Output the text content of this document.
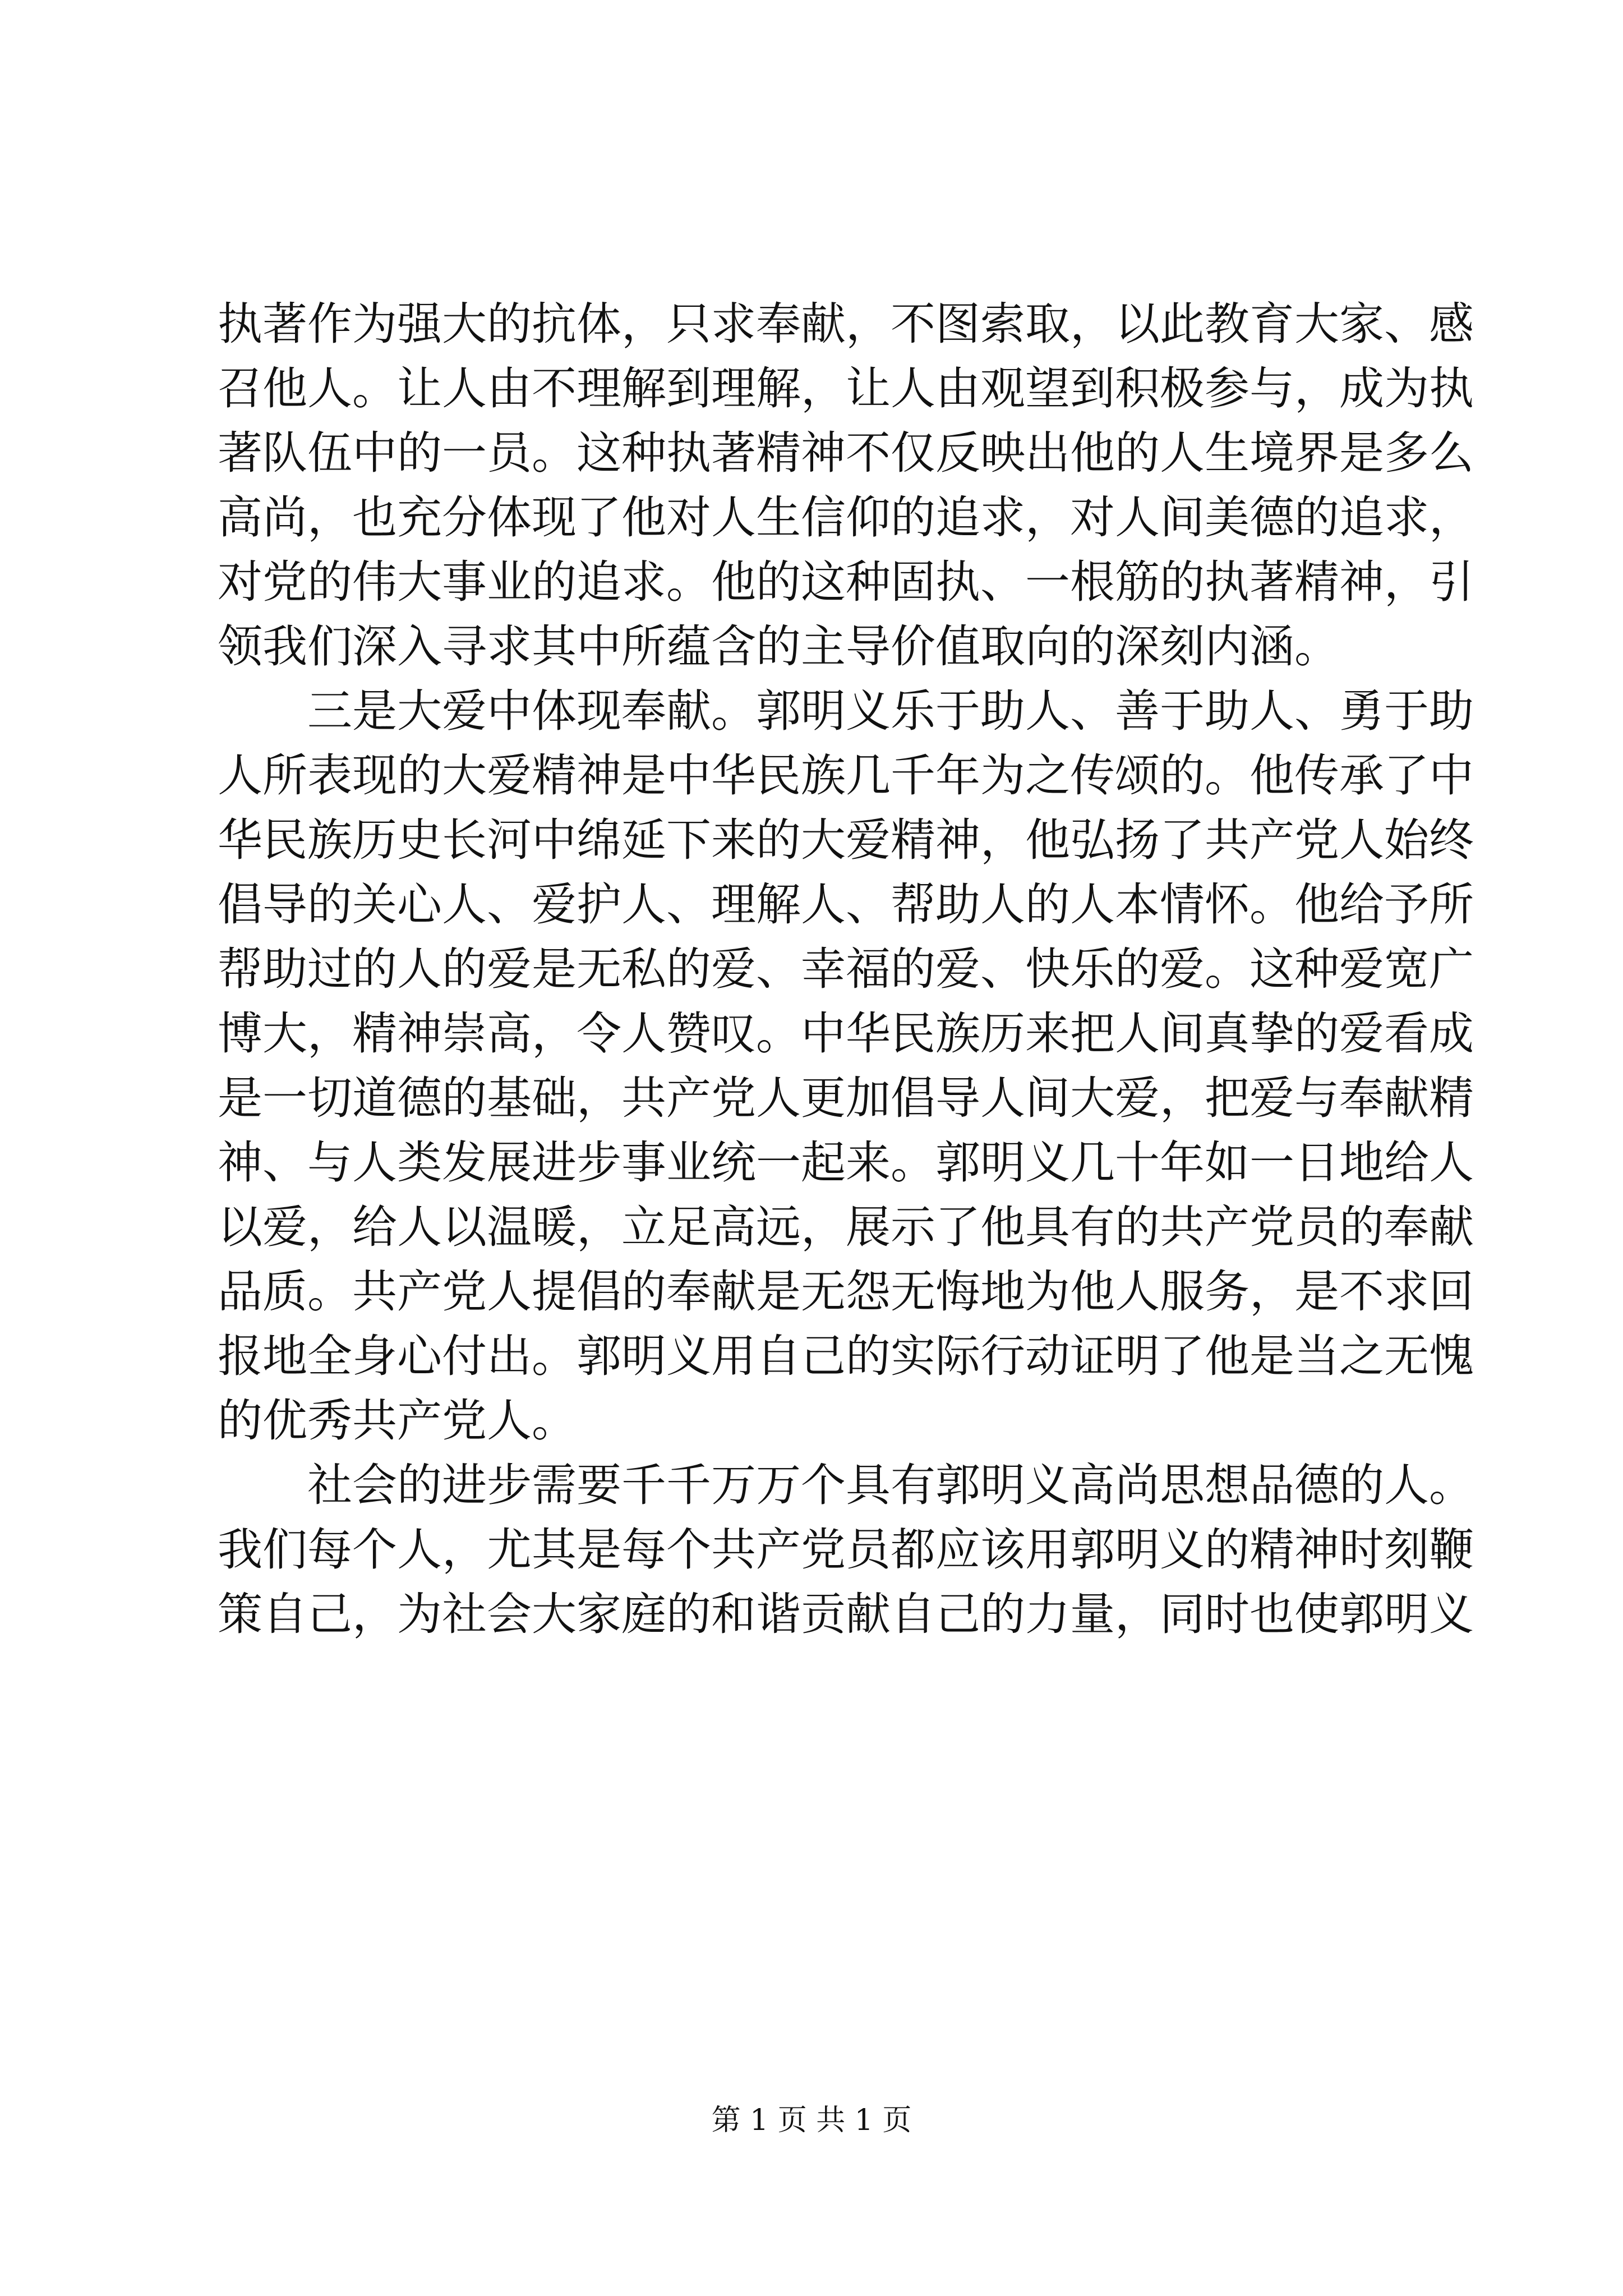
执著作为强大的抗体，只求奉献，不图索取，以此教育大家、感
召他人。让人由不理解到理解，让人由观望到积极参与，成为执
著队伍中的一员。这种执著精神不仅反映出他的人生境界是多么
高尚，也充分体现了他对人生信仰的追求，对人间美德的追求，
对党的伟大事业的追求。他的这种固执、一根筋的执著精神，引
领我们深入寻求其中所蕴含的主导价值取向的深刻内涵。
三是大爱中体现奉献。郭明义乐于助人、善于助人、勇于助
人所表现的大爱精神是中华民族几千年为之传颂的。他传承了中
华民族历史长河中绵延下来的大爱精神，他弘扬了共产党人始终
倡导的关心人、爱护人、理解人、帮助人的人本情怀。他给予所
帮助过的人的爱是无私的爱、幸福的爱、快乐的爱。这种爱宽广
博大，精神崇高，令人赞叹。中华民族历来把人间真挚的爱看成
是一切道德的基础，共产党人更加倡导人间大爱，把爱与奉献精
神、与人类发展进步事业统一起来。郭明义几十年如一日地给人
以爱，给人以温暖，立足高远，展示了他具有的共产党员的奉献
品质。共产党人提倡的奉献是无怨无悔地为他人服务，是不求回
报地全身心付出。郭明义用自己的实际行动证明了他是当之无愧
的优秀共产党人。
社会的进步需要千千万万个具有郭明义高尚思想品德的人。
我们每个人，尤其是每个共产党员都应该用郭明义的精神时刻鞭
策自己，为社会大家庭的和谐贡献自己的力量，同时也使郭明义
第 1 页 共 1 页
